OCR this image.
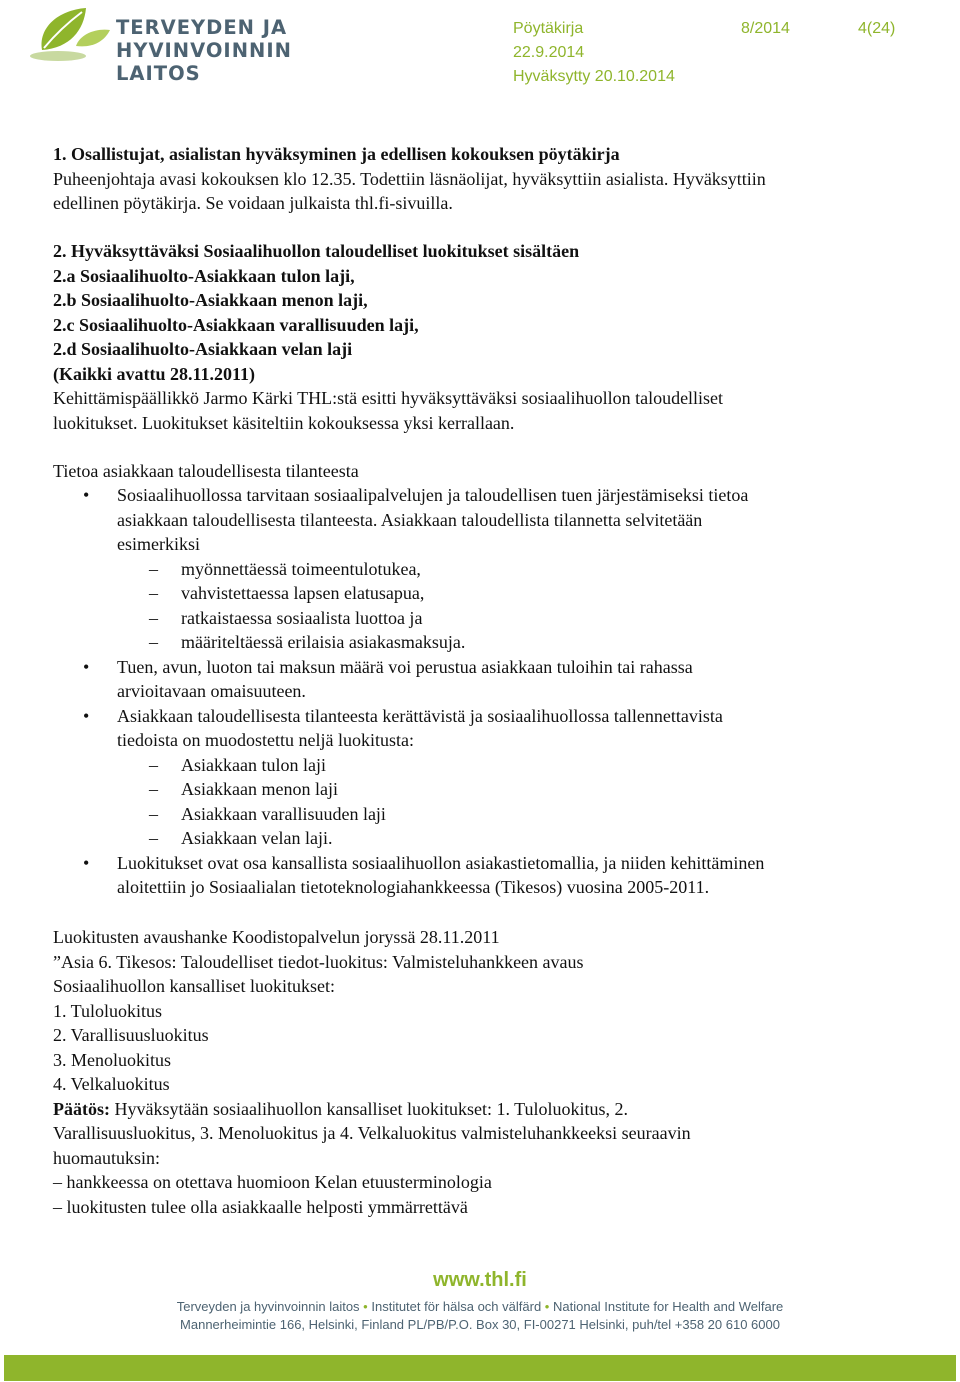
TERVEYDEN JA
HYVINVOINNIN LAITOS
Pöytäkirja	8/2014	4(24)
22.9.2014
Hyväksytty 20.10.2014
1. Osallistujat, asialistan hyväksyminen ja edellisen kokouksen pöytäkirja
Puheenjohtaja avasi kokouksen klo 12.35. Todettiin läsnäolijat, hyväksyttiin asialista. Hyväksyttiin
edellinen pöytäkirja. Se voidaan julkaista thl.fi-sivuilla.
2. Hyväksyttäväksi Sosiaalihuollon taloudelliset luokitukset sisältäen
2.a Sosiaalihuolto-Asiakkaan tulon laji,
2.b Sosiaalihuolto-Asiakkaan menon laji,
2.c Sosiaalihuolto-Asiakkaan varallisuuden laji,
2.d Sosiaalihuolto-Asiakkaan velan laji
(Kaikki avattu 28.11.2011)
Kehittämispäällikkö Jarmo Kärki THL:stä esitti hyväksyttäväksi sosiaalihuollon taloudelliset
luokitukset. Luokitukset käsiteltiin kokouksessa yksi kerrallaan.
Tietoa asiakkaan taloudellisesta tilanteesta
• Sosiaalihuollossa tarvitaan sosiaalipalvelujen ja taloudellisen tuen järjestämiseksi tietoa
asiakkaan taloudellisesta tilanteesta. Asiakkaan taloudellista tilannetta selvitetään
esimerkiksi
– myönnettäessä toimeentulotukea,
– vahvistettaessa lapsen elatusapua,
– ratkaistaessa sosiaalista luottoa ja
– määriteltäessä erilaisia asiakasmaksuja.
• Tuen, avun, luoton tai maksun määrä voi perustua asiakkaan tuloihin tai rahassa
arvioitavaan omaisuuteen.
• Asiakkaan taloudellisesta tilanteesta kerättävistä ja sosiaalihuollossa tallennettavista
tiedoista on muodostettu neljä luokitusta:
– Asiakkaan tulon laji
– Asiakkaan menon laji
– Asiakkaan varallisuuden laji
– Asiakkaan velan laji.
• Luokitukset ovat osa kansallista sosiaalihuollon asiakastietomallia, ja niiden kehittäminen
aloitettiin jo Sosiaalialan tietoteknologiahankkeessa (Tikesos) vuosina 2005-2011.
Luokitusten avaushanke Koodistopalvelun joryssä 28.11.2011
”Asia 6. Tikesos: Taloudelliset tiedot-luokitus: Valmisteluhankkeen avaus
Sosiaalihuollon kansalliset luokitukset:
1. Tuloluokitus
2. Varallisuusluokitus
3. Menoluokitus
4. Velkaluokitus
Päätös: Hyväksytään sosiaalihuollon kansalliset luokitukset: 1. Tuloluokitus, 2.
Varallisuusluokitus, 3. Menoluokitus ja 4. Velkaluokitus valmisteluhankkeeksi seuraavin
huomautuksin:
– hankkeessa on otettava huomioon Kelan etuusterminologia
– luokitusten tulee olla asiakkaalle helposti ymmärrettävä
www.thl.fi
Terveyden ja hyvinvoinnin laitos • Institutet för hälsa och välfärd • National Institute for Health and Welfare
Mannerheimintie 166, Helsinki, Finland PL/PB/P.O. Box 30, FI-00271 Helsinki, puh/tel +358 20 610 6000
